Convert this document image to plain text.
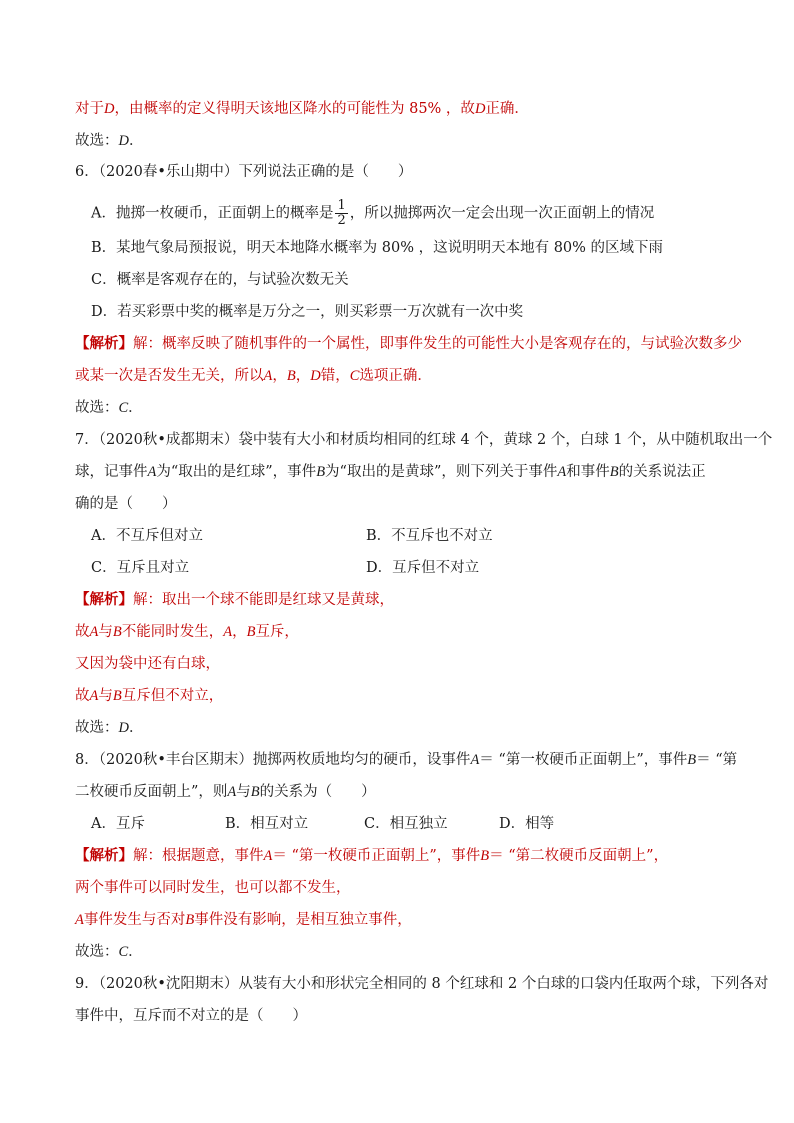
对于D，由概率的定义得明天该地区降水的可能性为 85% ，故D正确．
故选：D．
6．（2020春•乐山期中）下列说法正确的是（　　）
A．抛掷一枚硬币，正面朝上的概率是 $\frac{1}{2}$ ，所以抛掷两次一定会出现一次正面朝上的情况
B．某地气象局预报说，明天本地降水概率为 80% ，这说明明天本地有 80% 的区域下雨
C．概率是客观存在的，与试验次数无关
D．若买彩票中奖的概率是万分之一，则买彩票一万次就有一次中奖
【解析】解：概率反映了随机事件的一个属性，即事件发生的可能性大小是客观存在的，与试验次数多少
或某一次是否发生无关，所以A，B，D错，C选项正确．
故选：C．
7．（2020秋•成都期末）袋中装有大小和材质均相同的红球 4 个，黄球 2 个，白球 1 个，从中随机取出一个
球，记事件A为“取出的是红球”，事件B为“取出的是黄球”，则下列关于事件A和事件B的关系说法正
确的是（　　）
A．不互斥但对立	B．不互斥也不对立
C．互斥且对立	D．互斥但不对立
【解析】解：取出一个球不能即是红球又是黄球，
故A与B不能同时发生，A，B互斥，
又因为袋中还有白球，
故A与B互斥但不对立，
故选：D．
8．（2020秋•丰台区期末）抛掷两枚质地均匀的硬币，设事件A＝ “第一枚硬币正面朝上”，事件B＝ “第
二枚硬币反面朝上”，则A与B的关系为（　　）
A．互斥	B．相互对立	C．相互独立	D．相等
【解析】解：根据题意，事件A＝ “第一枚硬币正面朝上”，事件B＝ “第二枚硬币反面朝上”，
两个事件可以同时发生，也可以都不发生，
A事件发生与否对B事件没有影响，是相互独立事件，
故选：C．
9．（2020秋•沈阳期末）从装有大小和形状完全相同的 8 个红球和 2 个白球的口袋内任取两个球，下列各对
事件中，互斥而不对立的是（　　）
